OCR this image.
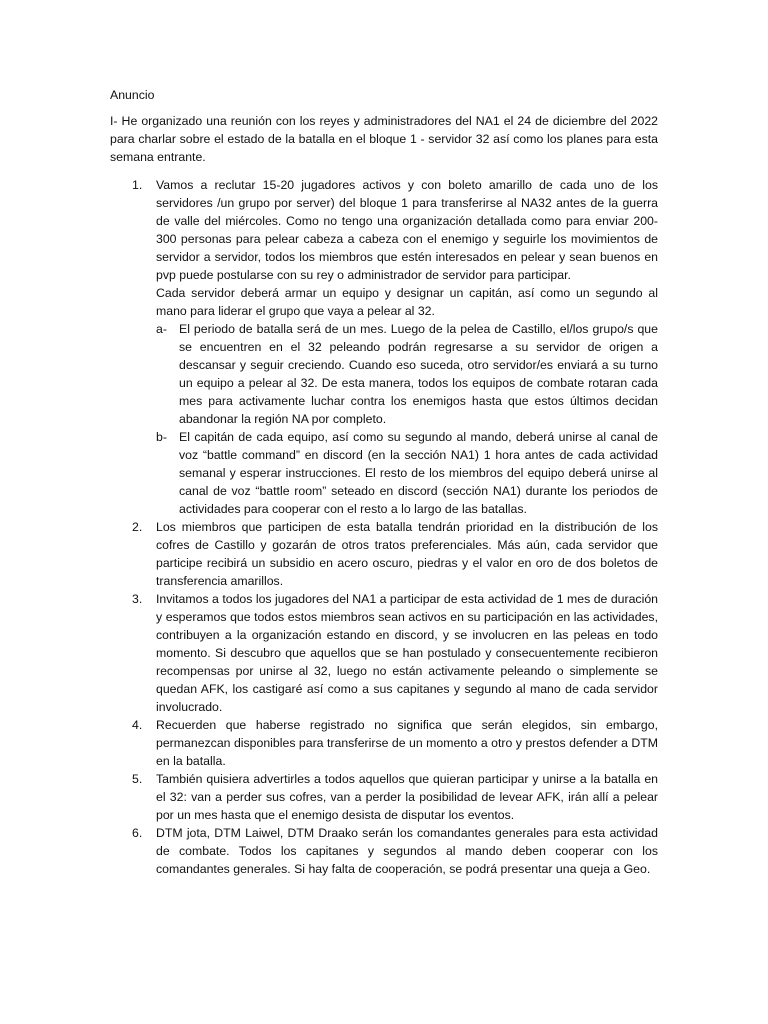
Anuncio

I- He organizado una reunión con los reyes y administradores del NA1 el 24 de diciembre del 2022 para charlar sobre el estado de la batalla en el bloque 1 - servidor 32 así como los planes para esta semana entrante.

1. Vamos a reclutar 15-20 jugadores activos y con boleto amarillo de cada uno de los servidores /un grupo por server) del bloque 1 para transferirse al NA32 antes de la guerra de valle del miércoles. Como no tengo una organización detallada como para enviar 200-300 personas para pelear cabeza a cabeza con el enemigo y seguirle los movimientos de servidor a servidor, todos los miembros que estén interesados en pelear y sean buenos en pvp puede postularse con su rey o administrador de servidor para participar.
Cada servidor deberá armar un equipo y designar un capitán, así como un segundo al mano para liderar el grupo que vaya a pelear al 32.
a- El periodo de batalla será de un mes. Luego de la pelea de Castillo, el/los grupo/s que se encuentren en el 32 peleando podrán regresarse a su servidor de origen a descansar y seguir creciendo. Cuando eso suceda, otro servidor/es enviará a su turno un equipo a pelear al 32. De esta manera, todos los equipos de combate rotaran cada mes para activamente luchar contra los enemigos hasta que estos últimos decidan abandonar la región NA por completo.
b- El capitán de cada equipo, así como su segundo al mando, deberá unirse al canal de voz “battle command” en discord (en la sección NA1) 1 hora antes de cada actividad semanal y esperar instrucciones. El resto de los miembros del equipo deberá unirse al canal de voz “battle room” seteado en discord (sección NA1) durante los periodos de actividades para cooperar con el resto a lo largo de las batallas.
2. Los miembros que participen de esta batalla tendrán prioridad en la distribución de los cofres de Castillo y gozarán de otros tratos preferenciales. Más aún, cada servidor que participe recibirá un subsidio en acero oscuro, piedras y el valor en oro de dos boletos de transferencia amarillos.
3. Invitamos a todos los jugadores del NA1 a participar de esta actividad de 1 mes de duración y esperamos que todos estos miembros sean activos en su participación en las actividades, contribuyen a la organización estando en discord, y se involucren en las peleas en todo momento. Si descubro que aquellos que se han postulado y consecuentemente recibieron recompensas por unirse al 32, luego no están activamente peleando o simplemente se quedan AFK, los castigaré así como a sus capitanes y segundo al mano de cada servidor involucrado.
4. Recuerden que haberse registrado no significa que serán elegidos, sin embargo, permanezcan disponibles para transferirse de un momento a otro y prestos defender a DTM en la batalla.
5. También quisiera advertirles a todos aquellos que quieran participar y unirse a la batalla en el 32: van a perder sus cofres, van a perder la posibilidad de levear AFK, irán allí a pelear por un mes hasta que el enemigo desista de disputar los eventos.
6. DTM jota, DTM Laiwel, DTM Draako serán los comandantes generales para esta actividad de combate. Todos los capitanes y segundos al mando deben cooperar con los comandantes generales. Si hay falta de cooperación, se podrá presentar una queja a Geo.
